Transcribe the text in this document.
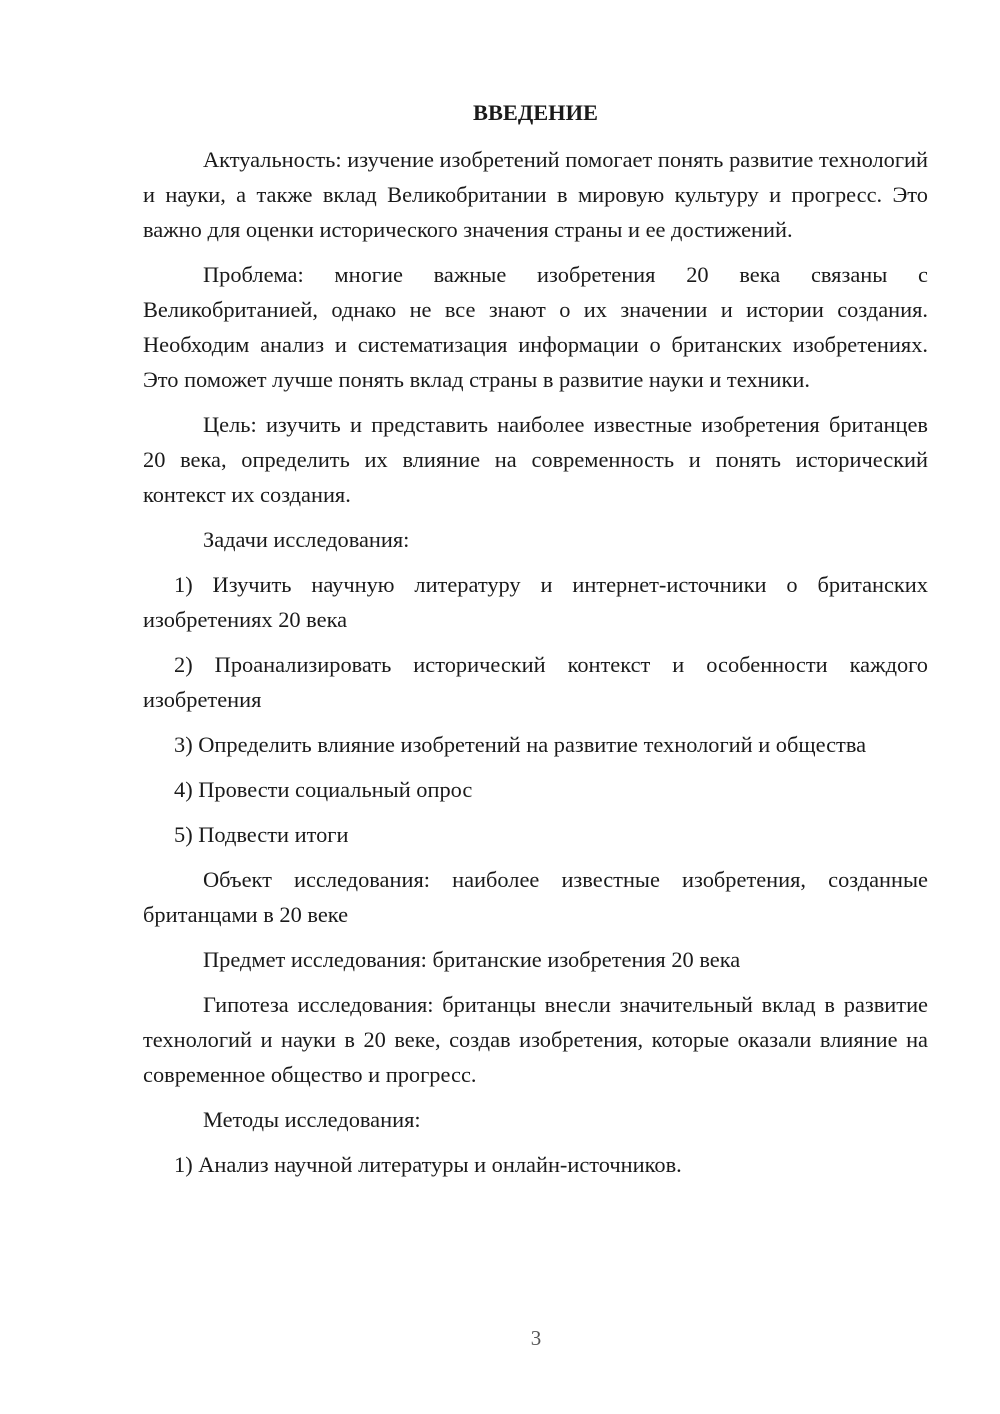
ВВЕДЕНИЕ

Актуальность: изучение изобретений помогает понять развитие технологий и науки, а также вклад Великобритании в мировую культуру и прогресс. Это важно для оценки исторического значения страны и ее достижений.

Проблема: многие важные изобретения 20 века связаны с Великобританией, однако не все знают о их значении и истории создания. Необходим анализ и систематизация информации о британских изобретениях. Это поможет лучше понять вклад страны в развитие науки и техники.

Цель: изучить и представить наиболее известные изобретения британцев 20 века, определить их влияние на современность и понять исторический контекст их создания.

Задачи исследования:

1) Изучить научную литературу и интернет-источники о британских изобретениях 20 века

2) Проанализировать исторический контекст и особенности каждого изобретения

3) Определить влияние изобретений на развитие технологий и общества

4) Провести социальный опрос

5) Подвести итоги

Объект исследования: наиболее известные изобретения, созданные британцами в 20 веке

Предмет исследования: британские изобретения 20 века

Гипотеза исследования: британцы внесли значительный вклад в развитие технологий и науки в 20 веке, создав изобретения, которые оказали влияние на современное общество и прогресс.

Методы исследования:

1) Анализ научной литературы и онлайн-источников.

3
